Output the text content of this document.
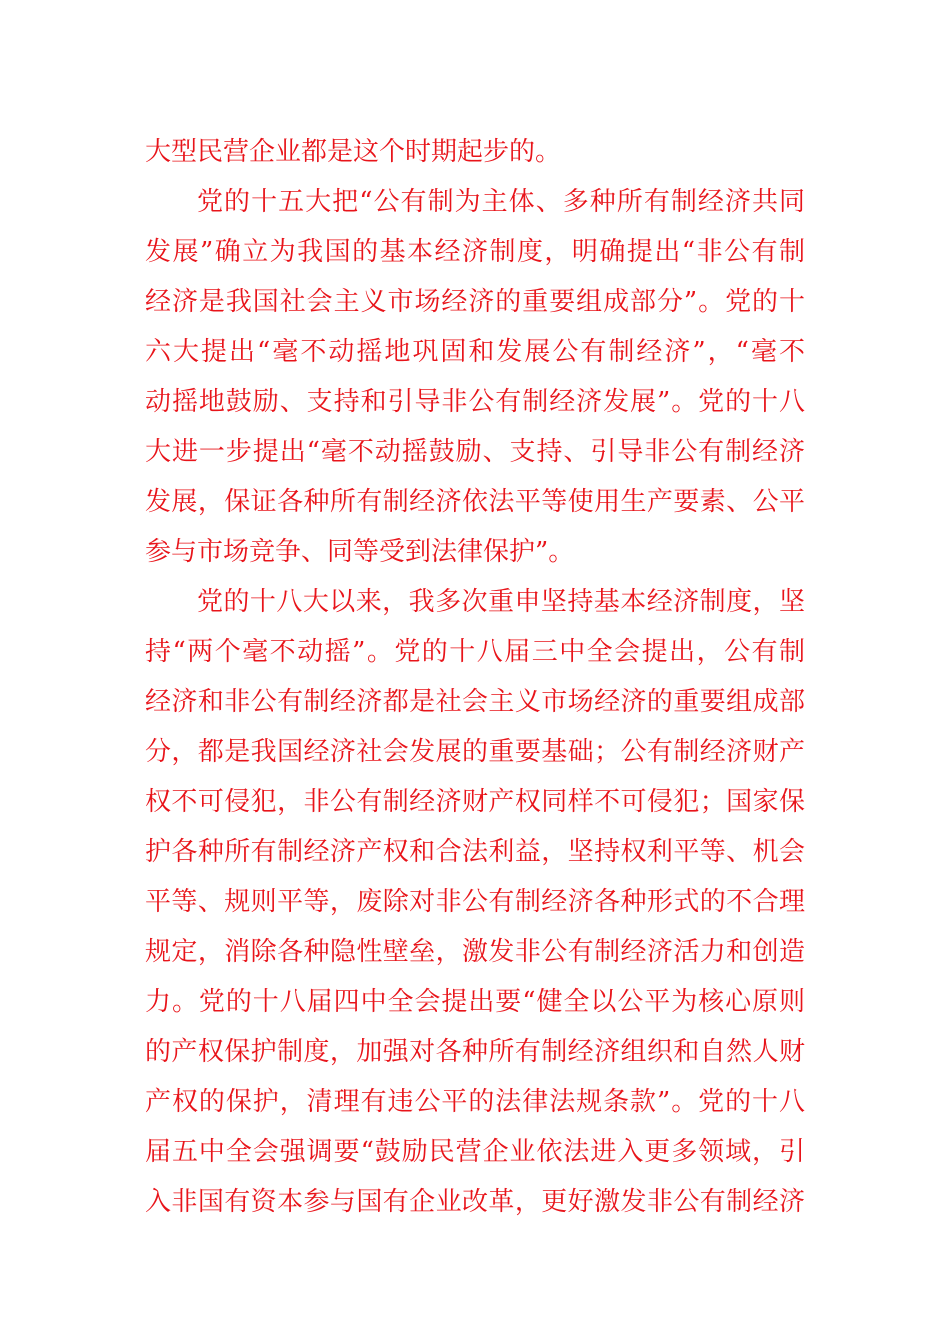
大型民营企业都是这个时期起步的。
党的十五大把“公有制为主体、多种所有制经济共同
发展”确立为我国的基本经济制度，明确提出“非公有制
经济是我国社会主义市场经济的重要组成部分”。党的十
六大提出“毫不动摇地巩固和发展公有制经济”，“毫不
动摇地鼓励、支持和引导非公有制经济发展”。党的十八
大进一步提出“毫不动摇鼓励、支持、引导非公有制经济
发展，保证各种所有制经济依法平等使用生产要素、公平
参与市场竞争、同等受到法律保护”。
党的十八大以来，我多次重申坚持基本经济制度，坚
持“两个毫不动摇”。党的十八届三中全会提出，公有制
经济和非公有制经济都是社会主义市场经济的重要组成部
分，都是我国经济社会发展的重要基础；公有制经济财产
权不可侵犯，非公有制经济财产权同样不可侵犯；国家保
护各种所有制经济产权和合法利益，坚持权利平等、机会
平等、规则平等，废除对非公有制经济各种形式的不合理
规定，消除各种隐性壁垒，激发非公有制经济活力和创造
力。党的十八届四中全会提出要“健全以公平为核心原则
的产权保护制度，加强对各种所有制经济组织和自然人财
产权的保护，清理有违公平的法律法规条款”。党的十八
届五中全会强调要“鼓励民营企业依法进入更多领域，引
入非国有资本参与国有企业改革，更好激发非公有制经济
